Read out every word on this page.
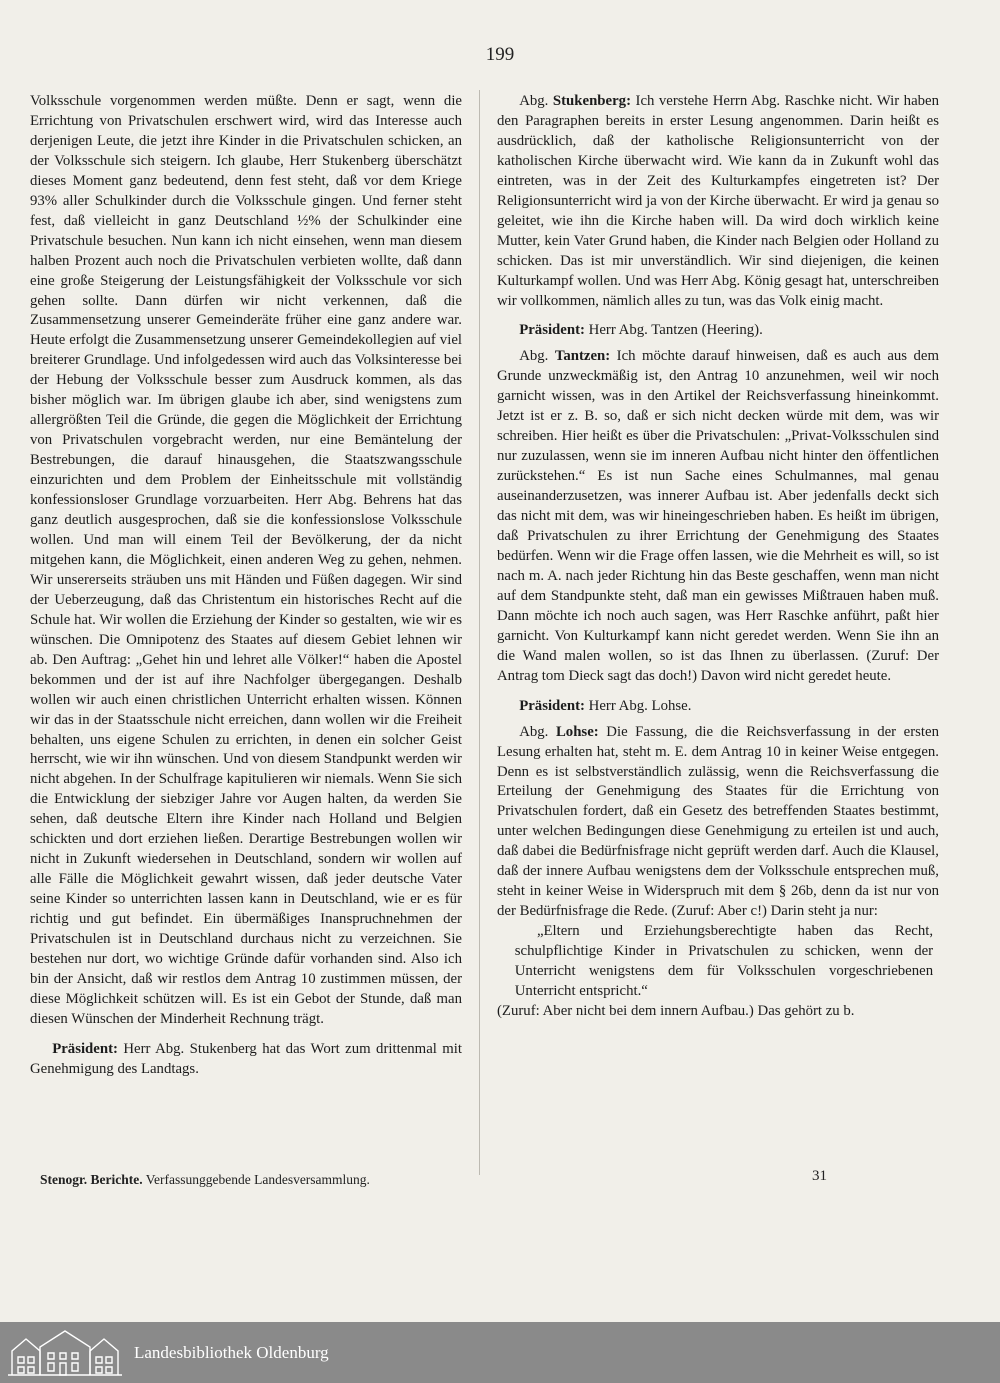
199

Volksschule vorgenommen werden müßte. Denn er sagt, wenn die Errichtung von Privatschulen erschwert wird, wird das Interesse auch derjenigen Leute, die jetzt ihre Kinder in die Privatschulen schicken, an der Volksschule sich steigern. Ich glaube, Herr Stukenberg überschätzt dieses Moment ganz bedeutend, denn fest steht, daß vor dem Kriege 93% aller Schulkinder durch die Volksschule gingen. Und ferner steht fest, daß vielleicht in ganz Deutschland ½% der Schulkinder eine Privatschule besuchen. Nun kann ich nicht einsehen, wenn man diesem halben Prozent auch noch die Privatschulen verbieten wollte, daß dann eine große Steigerung der Leistungsfähigkeit der Volksschule vor sich gehen sollte. Dann dürfen wir nicht verkennen, daß die Zusammensetzung unserer Gemeinderäte früher eine ganz andere war. Heute erfolgt die Zusammensetzung unserer Gemeindekollegien auf viel breiterer Grundlage. Und infolgedessen wird auch das Volksinteresse bei der Hebung der Volksschule besser zum Ausdruck kommen, als das bisher möglich war. Im übrigen glaube ich aber, sind wenigstens zum allergrößten Teil die Gründe, die gegen die Möglichkeit der Errichtung von Privatschulen vorgebracht werden, nur eine Bemäntelung der Bestrebungen, die darauf hinausgehen, die Staatszwangsschule einzurichten und dem Problem der Einheitsschule mit vollständig konfessionsloser Grundlage vorzuarbeiten. Herr Abg. Behrens hat das ganz deutlich ausgesprochen, daß sie die konfessionslose Volksschule wollen. Und man will einem Teil der Bevölkerung, der da nicht mitgehen kann, die Möglichkeit, einen anderen Weg zu gehen, nehmen. Wir unsererseits sträuben uns mit Händen und Füßen dagegen. Wir sind der Ueberzeugung, daß das Christentum ein historisches Recht auf die Schule hat. Wir wollen die Erziehung der Kinder so gestalten, wie wir es wünschen. Die Omnipotenz des Staates auf diesem Gebiet lehnen wir ab. Den Auftrag: „Gehet hin und lehret alle Völker!“ haben die Apostel bekommen und der ist auf ihre Nachfolger übergegangen. Deshalb wollen wir auch einen christlichen Unterricht erhalten wissen. Können wir das in der Staatsschule nicht erreichen, dann wollen wir die Freiheit behalten, uns eigene Schulen zu errichten, in denen ein solcher Geist herrscht, wie wir ihn wünschen. Und von diesem Standpunkt werden wir nicht abgehen. In der Schulfrage kapitulieren wir niemals. Wenn Sie sich die Entwicklung der siebziger Jahre vor Augen halten, da werden Sie sehen, daß deutsche Eltern ihre Kinder nach Holland und Belgien schickten und dort erziehen ließen. Derartige Bestrebungen wollen wir nicht in Zukunft wiedersehen in Deutschland, sondern wir wollen auf alle Fälle die Möglichkeit gewahrt wissen, daß jeder deutsche Vater seine Kinder so unterrichten lassen kann in Deutschland, wie er es für richtig und gut befindet. Ein übermäßiges Inanspruchnehmen der Privatschulen ist in Deutschland durchaus nicht zu verzeichnen. Sie bestehen nur dort, wo wichtige Gründe dafür vorhanden sind. Also ich bin der Ansicht, daß wir restlos dem Antrag 10 zustimmen müssen, der diese Möglichkeit schützen will. Es ist ein Gebot der Stunde, daß man diesen Wünschen der Minderheit Rechnung trägt.

Präsident: Herr Abg. Stukenberg hat das Wort zum drittenmal mit Genehmigung des Landtags.

Abg. Stukenberg: Ich verstehe Herrn Abg. Raschke nicht. Wir haben den Paragraphen bereits in erster Lesung angenommen. Darin heißt es ausdrücklich, daß der katholische Religionsunterricht von der katholischen Kirche überwacht wird. Wie kann da in Zukunft wohl das eintreten, was in der Zeit des Kulturkampfes eingetreten ist? Der Religionsunterricht wird ja von der Kirche überwacht. Er wird ja genau so geleitet, wie ihn die Kirche haben will. Da wird doch wirklich keine Mutter, kein Vater Grund haben, die Kinder nach Belgien oder Holland zu schicken. Das ist mir unverständlich. Wir sind diejenigen, die keinen Kulturkampf wollen. Und was Herr Abg. König gesagt hat, unterschreiben wir vollkommen, nämlich alles zu tun, was das Volk einig macht.

Präsident: Herr Abg. Tantzen (Heering).

Abg. Tantzen: Ich möchte darauf hinweisen, daß es auch aus dem Grunde unzweckmäßig ist, den Antrag 10 anzunehmen, weil wir noch garnicht wissen, was in den Artikel der Reichsverfassung hineinkommt. Jetzt ist er z. B. so, daß er sich nicht decken würde mit dem, was wir schreiben. Hier heißt es über die Privatschulen: „Privat-Volksschulen sind nur zuzulassen, wenn sie im inneren Aufbau nicht hinter den öffentlichen zurückstehen.“ Es ist nun Sache eines Schulmannes, mal genau auseinanderzusetzen, was innerer Aufbau ist. Aber jedenfalls deckt sich das nicht mit dem, was wir hineingeschrieben haben. Es heißt im übrigen, daß Privatschulen zu ihrer Errichtung der Genehmigung des Staates bedürfen. Wenn wir die Frage offen lassen, wie die Mehrheit es will, so ist nach m. A. nach jeder Richtung hin das Beste geschaffen, wenn man nicht auf dem Standpunkte steht, daß man ein gewisses Mißtrauen haben muß. Dann möchte ich noch auch sagen, was Herr Raschke anführt, paßt hier garnicht. Von Kulturkampf kann nicht geredet werden. Wenn Sie ihn an die Wand malen wollen, so ist das Ihnen zu überlassen. (Zuruf: Der Antrag tom Dieck sagt das doch!) Davon wird nicht geredet heute.

Präsident: Herr Abg. Lohse.

Abg. Lohse: Die Fassung, die die Reichsverfassung in der ersten Lesung erhalten hat, steht m. E. dem Antrag 10 in keiner Weise entgegen. Denn es ist selbstverständlich zulässig, wenn die Reichsverfassung die Erteilung der Genehmigung des Staates für die Errichtung von Privatschulen fordert, daß ein Gesetz des betreffenden Staates bestimmt, unter welchen Bedingungen diese Genehmigung zu erteilen ist und auch, daß dabei die Bedürfnisfrage nicht geprüft werden darf. Auch die Klausel, daß der innere Aufbau wenigstens dem der Volksschule entsprechen muß, steht in keiner Weise in Widerspruch mit dem § 26b, denn da ist nur von der Bedürfnisfrage die Rede. (Zuruf: Aber c!) Darin steht ja nur:

„Eltern und Erziehungsberechtigte haben das Recht, schulpflichtige Kinder in Privatschulen zu schicken, wenn der Unterricht wenigstens dem für Volksschulen vorgeschriebenen Unterricht entspricht.“

(Zuruf: Aber nicht bei dem innern Aufbau.) Das gehört zu b.

Stenogr. Berichte. Verfassunggebende Landesversammlung.	31
Landesbibliothek Oldenburg
